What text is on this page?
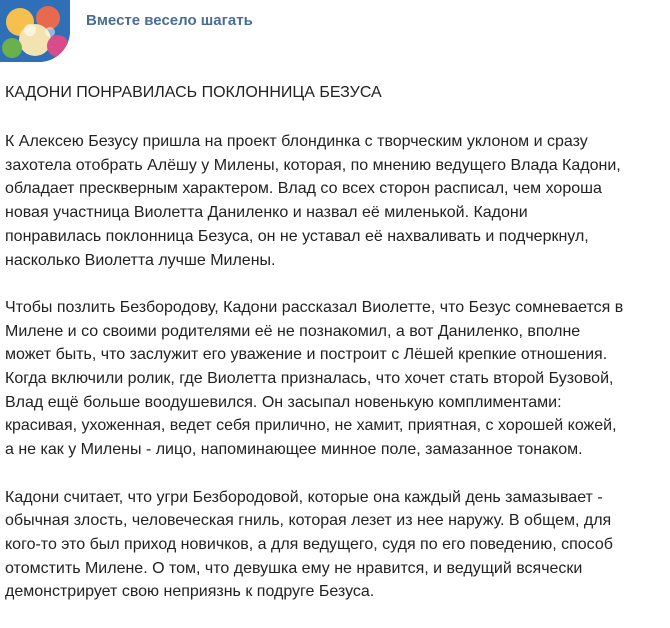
Вместе весело шагать
КАДОНИ ПОНРАВИЛАСЬ ПОКЛОННИЦА БЕЗУСА

К Алексею Безусу пришла на проект блондинка с творческим уклоном и сразу
захотела отобрать Алёшу у Милены, которая, по мнению ведущего Влада Кадони,
обладает прескверным характером. Влад со всех сторон расписал, чем хороша
новая участница Виолетта Даниленко и назвал её миленькой. Кадони
понравилась поклонница Безуса, он не уставал её нахваливать и подчеркнул,
насколько Виолетта лучше Милены.

Чтобы позлить Безбородову, Кадони рассказал Виолетте, что Безус сомневается в
Милене и со своими родителями её не познакомил, а вот Даниленко, вполне
может быть, что заслужит его уважение и построит с Лёшей крепкие отношения.
Когда включили ролик, где Виолетта призналась, что хочет стать второй Бузовой,
Влад ещё больше воодушевился. Он засыпал новенькую комплиментами:
красивая, ухоженная, ведет себя прилично, не хамит, приятная, с хорошей кожей,
а не как у Милены - лицо, напоминающее минное поле, замазанное тонаком.

Кадони считает, что угри Безбородовой, которые она каждый день замазывает -
обычная злость, человеческая гниль, которая лезет из нее наружу. В общем, для
кого-то это был приход новичков, а для ведущего, судя по его поведению, способ
отомстить Милене. О том, что девушка ему не нравится, и ведущий всячески
демонстрирует свою неприязнь к подруге Безуса.
